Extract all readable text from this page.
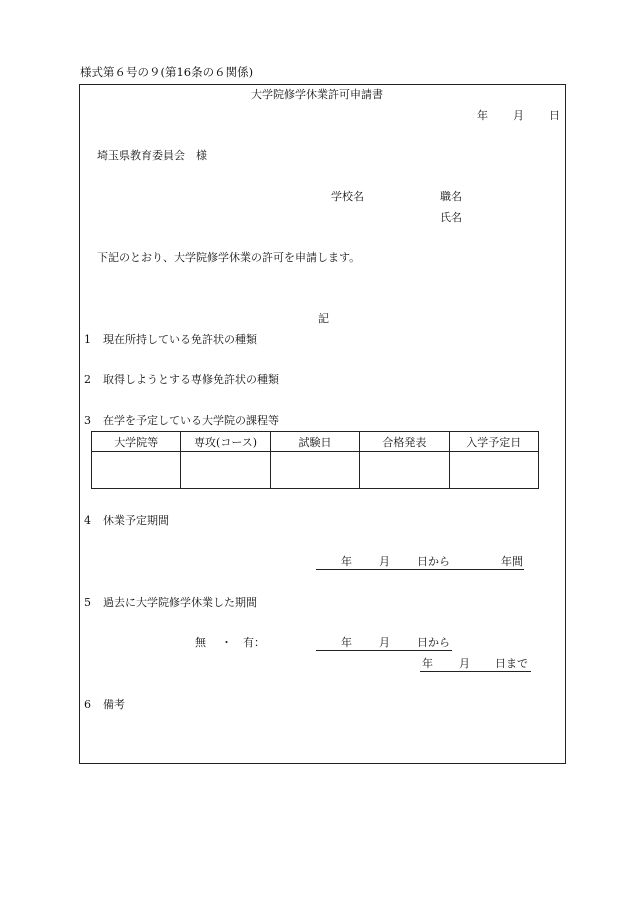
様式第６号の９(第16条の６関係)
大学院修学休業許可申請書
年 月 日
埼玉県教育委員会　様
学校名	職名
氏名
下記のとおり、大学院修学休業の許可を申請します。
記
1 現在所持している免許状の種類
2 取得しようとする専修免許状の種類
3 在学を予定している大学院の課程等
大学院等	専攻(コース)	試験日	合格発表	入学予定日

4 休業予定期間
年 月 日から	年間
5 過去に大学院修学休業した期間
無 ・ 有：	年 月 日から
年 月 日まで
6 備考
